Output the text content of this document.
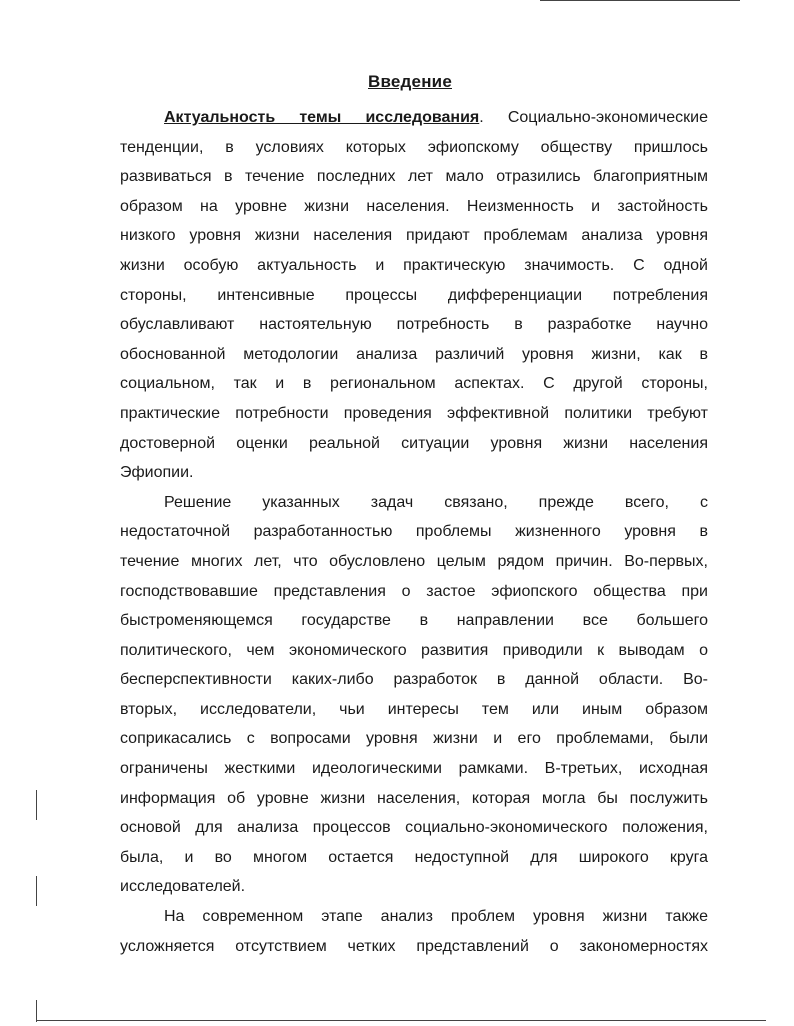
Введение
Актуальность темы исследования. Социально-экономические
тенденции, в условиях которых эфиопскому обществу пришлось
развиваться в течение последних лет мало отразились благоприятным
образом на уровне жизни населения. Неизменность и застойность
низкого уровня жизни населения придают проблемам анализа уровня
жизни особую актуальность и практическую значимость. С одной
стороны, интенсивные процессы дифференциации потребления
обуславливают настоятельную потребность в разработке научно
обоснованной методологии анализа различий уровня жизни, как в
социальном, так и в региональном аспектах. С другой стороны,
практические потребности проведения эффективной политики требуют
достоверной оценки реальной ситуации уровня жизни населения
Эфиопии.
Решение указанных задач связано, прежде всего, с
недостаточной разработанностью проблемы жизненного уровня в
течение многих лет, что обусловлено целым рядом причин. Во-первых,
господствовавшие представления о застое эфиопского общества при
быстроменяющемся государстве в направлении все большего
политического, чем экономического развития приводили к выводам о
бесперспективности каких-либо разработок в данной области. Во-
вторых, исследователи, чьи интересы тем или иным образом
соприкасались с вопросами уровня жизни и его проблемами, были
ограничены жесткими идеологическими рамками. В-третьих, исходная
информация об уровне жизни населения, которая могла бы послужить
основой для анализа процессов социально-экономического положения,
была, и во многом остается недоступной для широкого круга
исследователей.
На современном этапе анализ проблем уровня жизни также
усложняется отсутствием четких представлений о закономерностях
